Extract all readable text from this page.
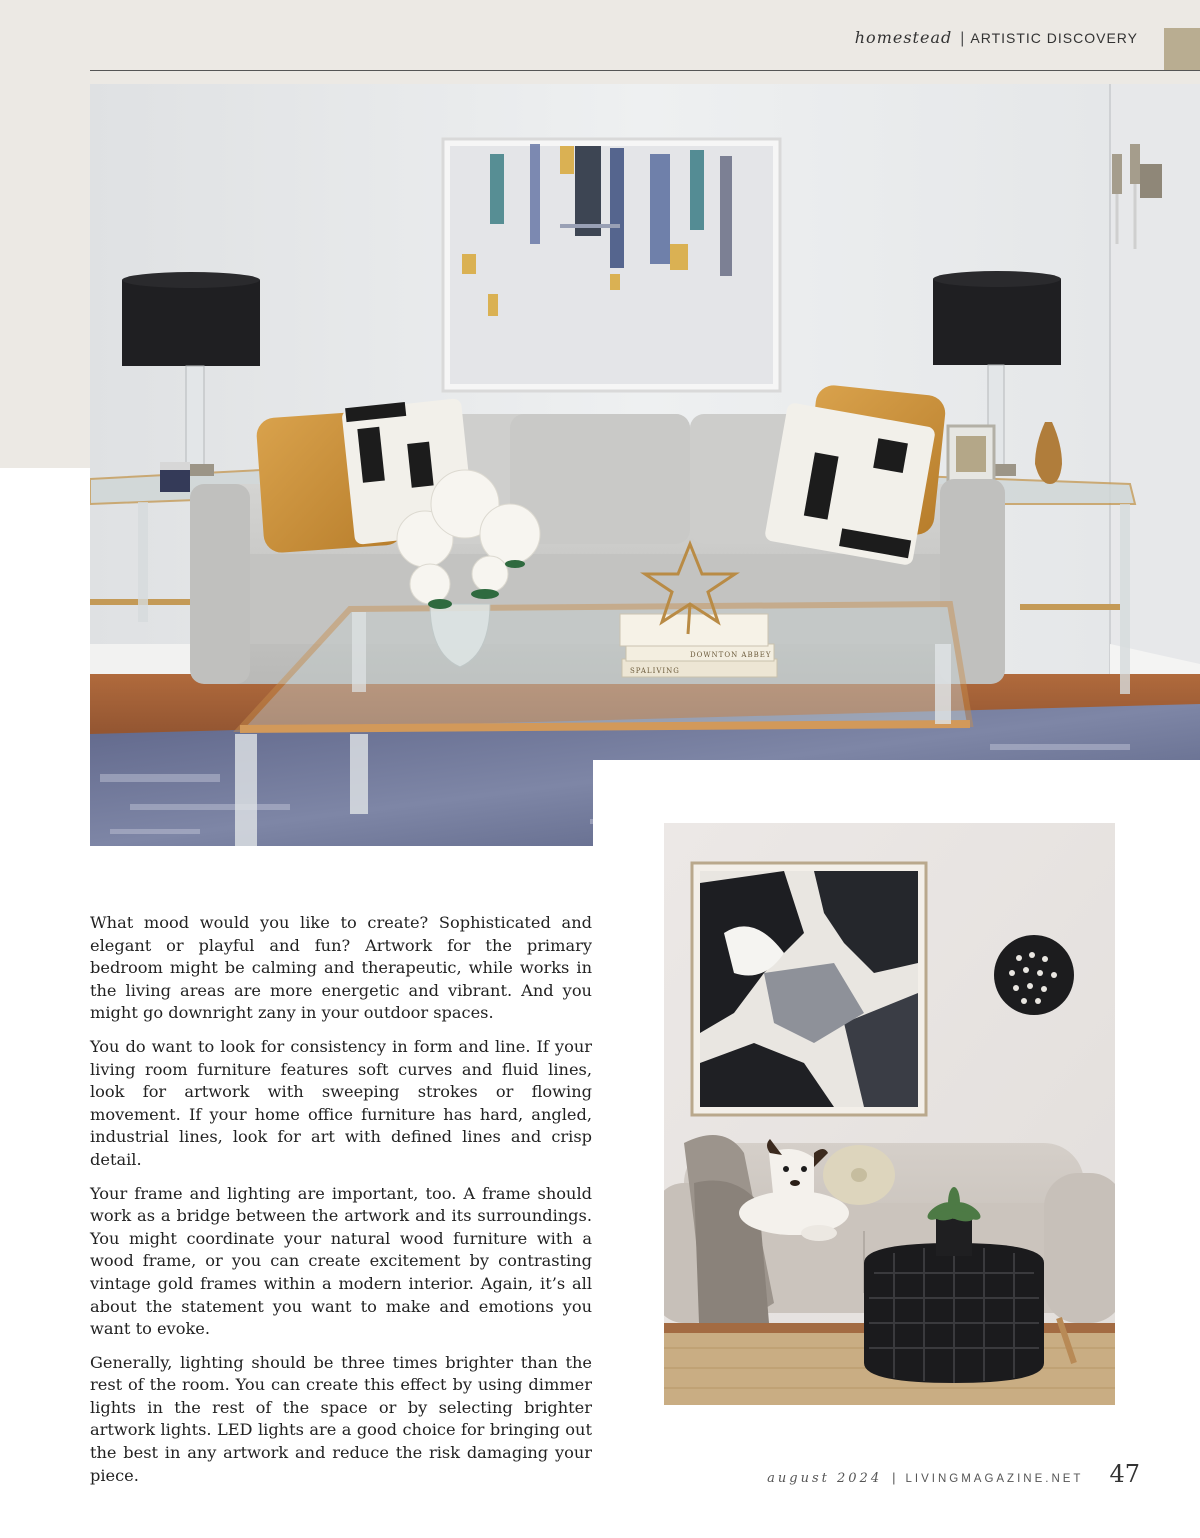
homestead | ARTISTIC DISCOVERY
DOWNTON ABBEY
SPALIVING

What mood would you like to create? Sophisticated and elegant or playful and fun? Artwork for the primary bedroom might be calming and therapeutic, while works in the living areas are more energetic and vibrant. And you might go downright zany in your outdoor spaces.

You do want to look for consistency in form and line. If your living room furniture features soft curves and fluid lines, look for artwork with sweeping strokes or flowing movement. If your home office furniture has hard, angled, industrial lines, look for art with defined lines and crisp detail.

Your frame and lighting are important, too. A frame should work as a bridge between the artwork and its surroundings. You might coordinate your natural wood furniture with a wood frame, or you can create excitement by contrasting vintage gold frames within a modern interior. Again, it’s all about the statement you want to make and emotions you want to evoke.

Generally, lighting should be three times brighter than the rest of the room. You can create this effect by using dimmer lights in the rest of the space or by selecting brighter artwork lights. LED lights are a good choice for bringing out the best in any artwork and reduce the risk damaging your piece.	august 2024 | LIVINGMAGAZINE.NET 47
